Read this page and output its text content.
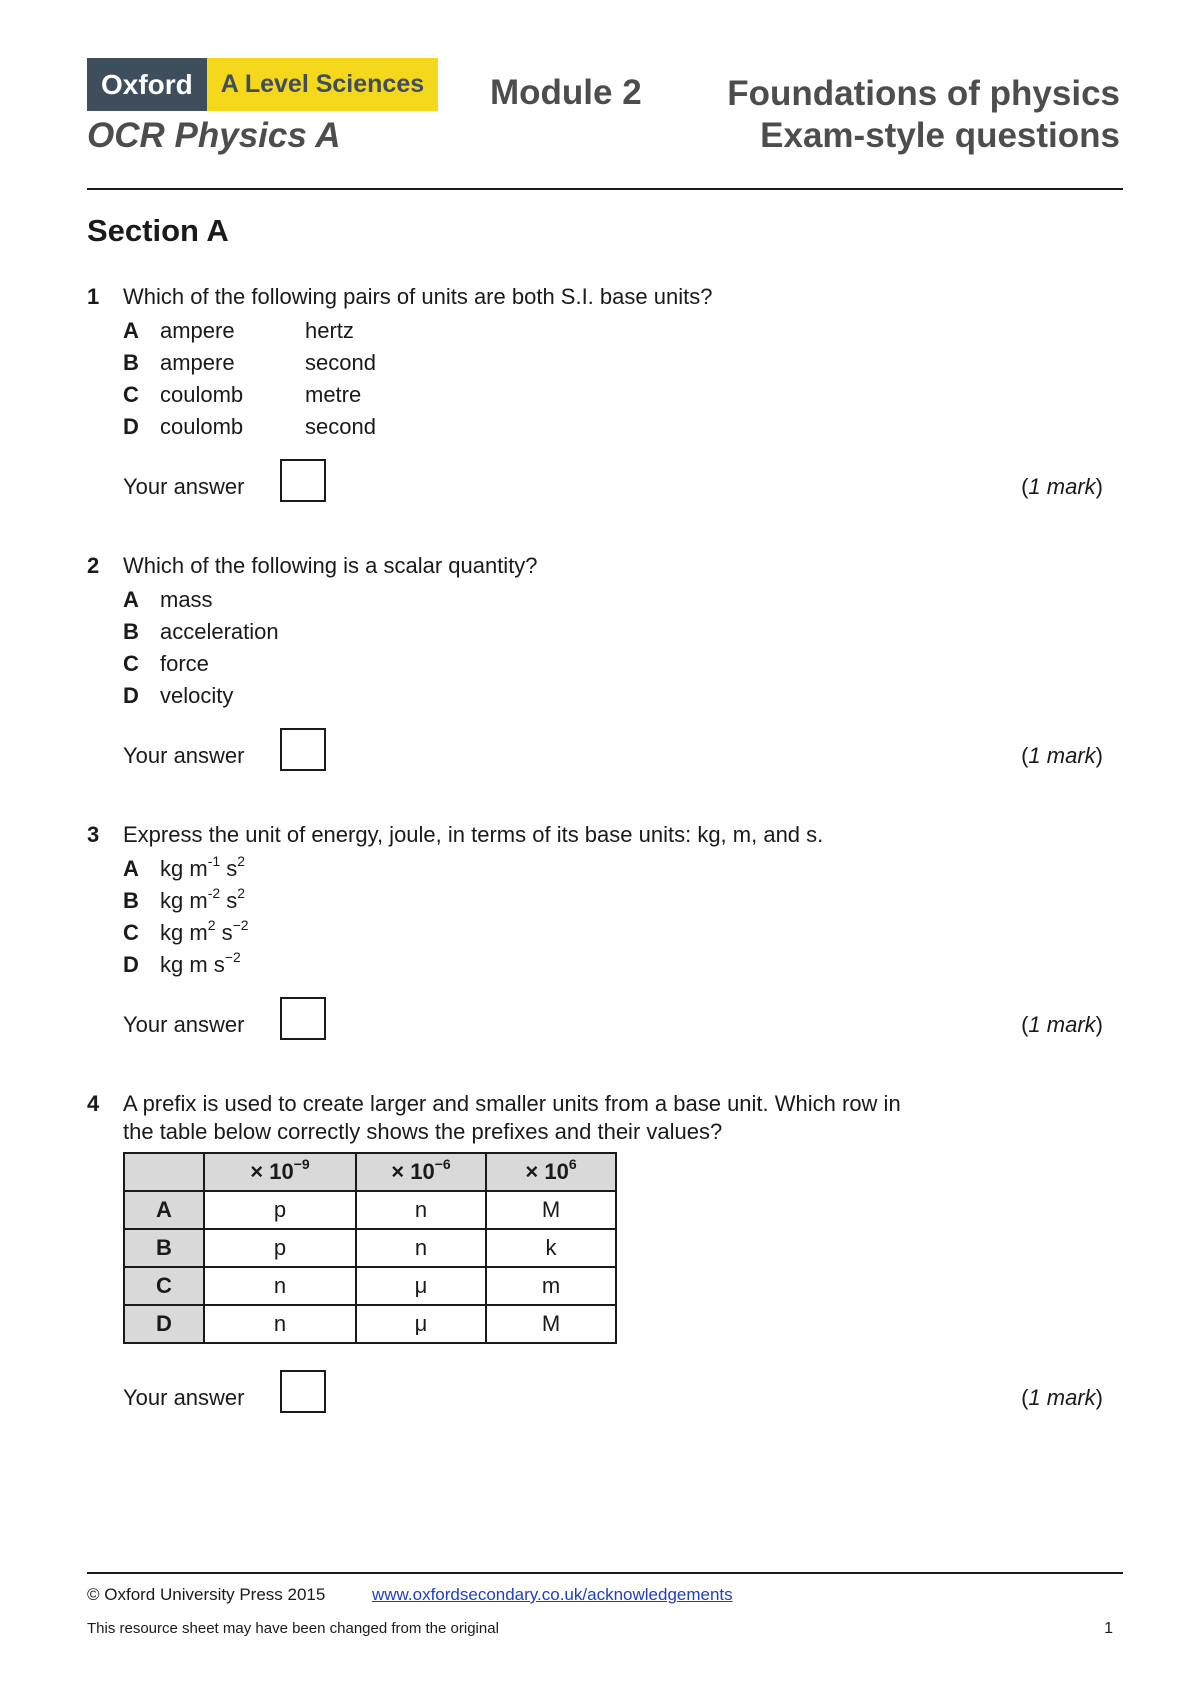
Oxford	A Level Sciences
OCR Physics A
Module 2 Foundations of physics
Exam-style questions
Section A
1 Which of the following pairs of units are both S.I. base units?
A ampere	hertz
B ampere	second
C coulomb	metre
D coulomb	second
Your answer	(1 mark)
2 Which of the following is a scalar quantity?
A mass
B acceleration
C force
D velocity
Your answer	(1 mark)
3 Express the unit of energy, joule, in terms of its base units: kg, m, and s.
A kg $m^{-1}$ $s^2$
B kg $m^{-2}$ $s^2$
C kg $m^2$ $s^{-2}$
D kg m $s^{-2}$
Your answer	(1 mark)
4 A prefix is used to create larger and smaller units from a base unit. Which row in
the table below correctly shows the prefixes and their values?
	× $10^{-9}$	× $10^{-6}$	× $10^6$
A	p	n	M
B	p	n	k
C	n	μ	m
D	n	μ	M
Your answer	(1 mark)
© Oxford University Press 2015	www.oxfordsecondary.co.uk/acknowledgements
This resource sheet may have been changed from the original	1
